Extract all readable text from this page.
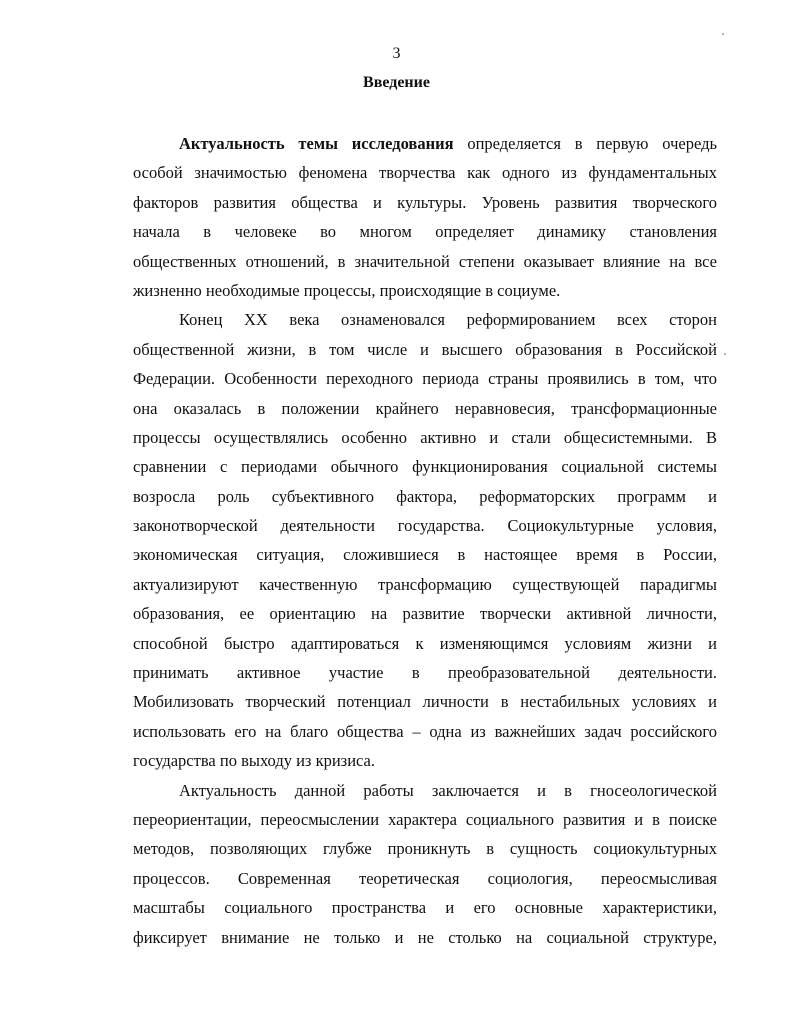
3
Введение
Актуальность темы исследования определяется в первую очередь
особой значимостью феномена творчества как одного из фундаментальных
факторов развития общества и культуры. Уровень развития творческого
начала в человеке во многом определяет динамику становления
общественных отношений, в значительной степени оказывает влияние на все
жизненно необходимые процессы, происходящие в социуме.
Конец XX века ознаменовался реформированием всех сторон
общественной жизни, в том числе и высшего образования в Российской
Федерации. Особенности переходного периода страны проявились в том, что
она оказалась в положении крайнего неравновесия, трансформационные
процессы осуществлялись особенно активно и стали общесистемными. В
сравнении с периодами обычного функционирования социальной системы
возросла роль субъективного фактора, реформаторских программ и
законотворческой деятельности государства. Социокультурные условия,
экономическая ситуация, сложившиеся в настоящее время в России,
актуализируют качественную трансформацию существующей парадигмы
образования, ее ориентацию на развитие творчески активной личности,
способной быстро адаптироваться к изменяющимся условиям жизни и
принимать активное участие в преобразовательной деятельности.
Мобилизовать творческий потенциал личности в нестабильных условиях и
использовать его на благо общества – одна из важнейших задач российского
государства по выходу из кризиса.
Актуальность данной работы заключается и в гносеологической
переориентации, переосмыслении характера социального развития и в поиске
методов, позволяющих глубже проникнуть в сущность социокультурных
процессов. Современная теоретическая социология, переосмысливая
масштабы социального пространства и его основные характеристики,
фиксирует внимание не только и не столько на социальной структуре,
